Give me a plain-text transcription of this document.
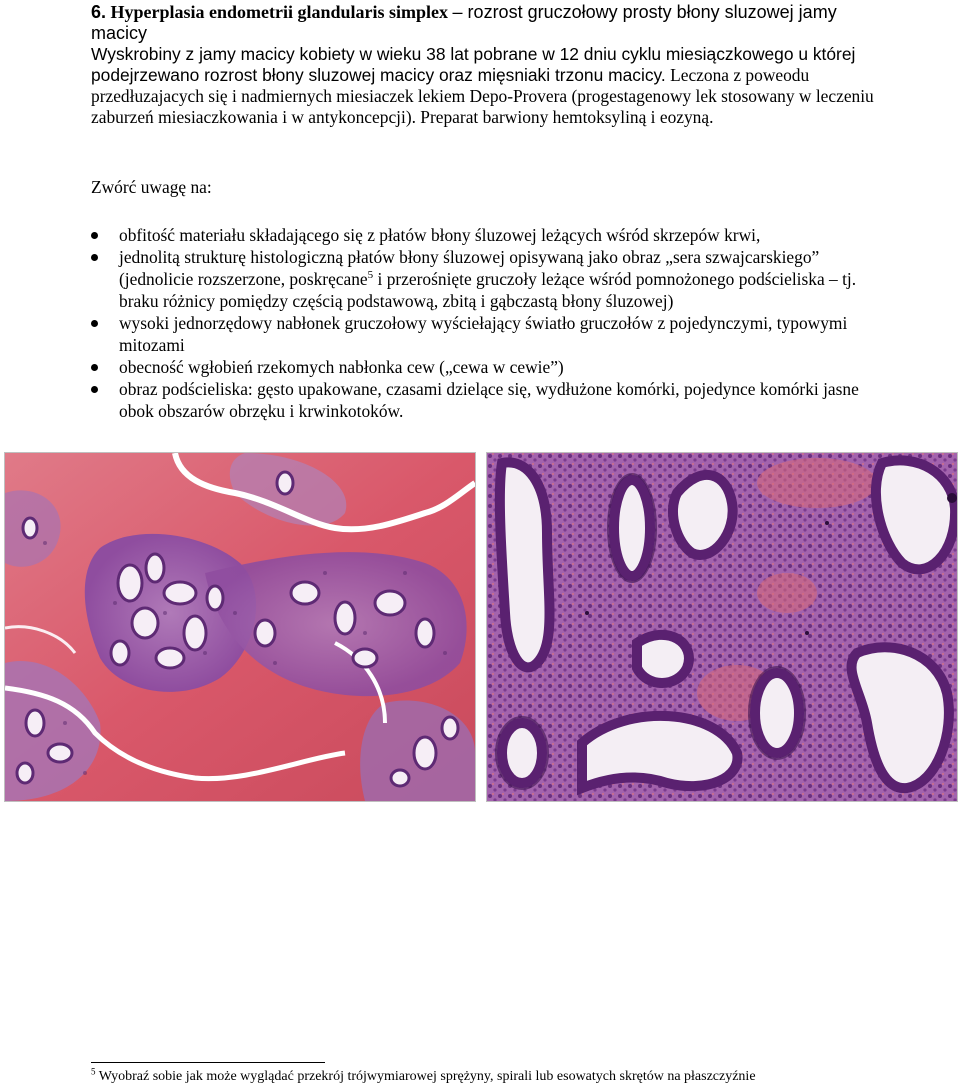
6. Hyperplasia endometrii glandularis simplex – rozrost gruczołowy prosty błony sluzowej jamy macicy
Wyskrobiny z jamy macicy kobiety w wieku 38 lat pobrane w 12 dniu cyklu miesiączkowego u której podejrzewano rozrost błony sluzowej macicy oraz mięsniaki trzonu macicy. Leczona z poweodu przedłuzajacych się i nadmiernych miesiaczek lekiem Depo-Provera (progestagenowy lek stosowany w leczeniu zaburzeń miesiaczkowania i w antykoncepcji). Preparat barwiony hemtoksyliną i eozyną.
Zwórć uwagę na:
obfitość materiału składającego się z płatów błony śluzowej leżących wśród skrzepów krwi,
jednolitą strukturę histologiczną płatów błony śluzowej opisywaną jako obraz „sera szwajcarskiego” (jednolicie rozszerzone, poskręcane$^5$ i przerośnięte gruczoły leżące wśród pomnożonego podścieliska – tj. braku różnicy pomiędzy częścią podstawową, zbitą i gąbczastą błony śluzowej)
wysoki jednorzędowy nabłonek gruczołowy wyściełający światło gruczołów z pojedynczymi, typowymi mitozami
obecność wgłobień rzekomych nabłonka cew („cewa w cewie”)
obraz podścieliska: gęsto upakowane, czasami dzielące się, wydłużone komórki, pojedynce komórki jasne obok obszarów obrzęku i krwinkotoków.
$^5$ Wyobraź sobie jak może wyglądać przekrój trójwymiarowej sprężyny, spirali lub esowatych skrętów na płaszczyźnie
